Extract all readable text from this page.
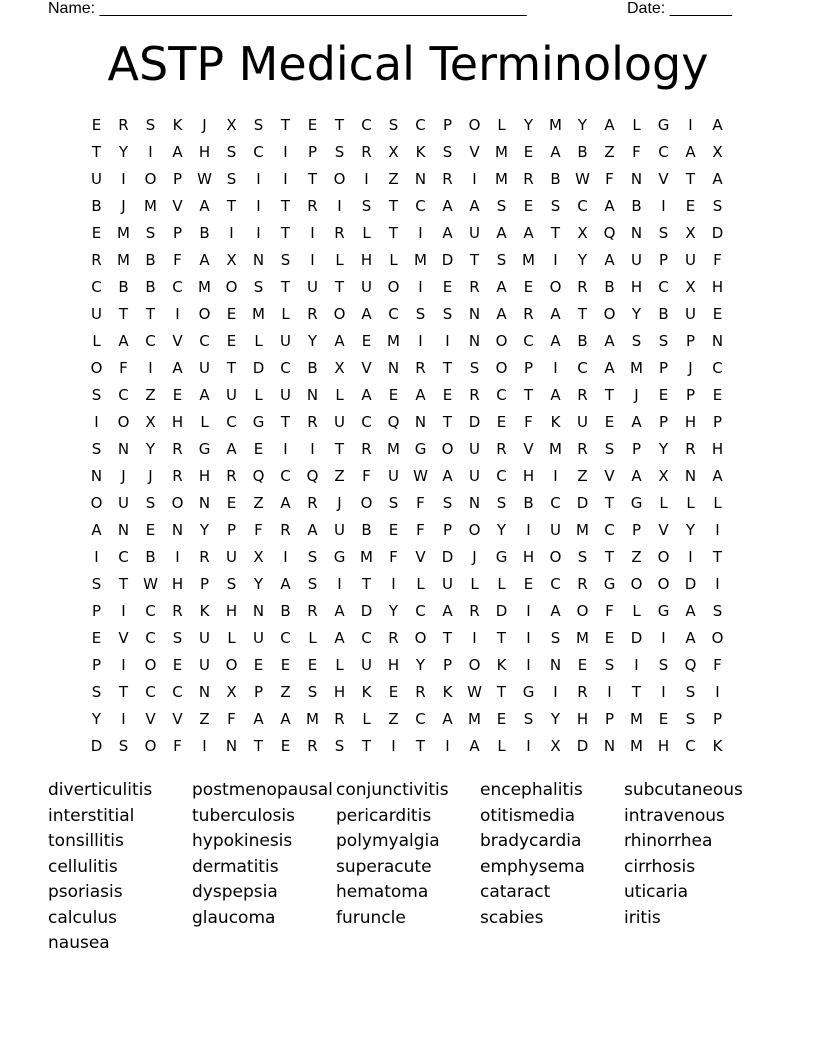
Name: ________________________________________________	Date: _______
ASTP Medical Terminology
E	R	S	K	J	X	S	T	E	T	C	S	C	P	O	L	Y	M	Y	A	L	G	I	A
T	Y	I	A	H	S	C	I	P	S	R	X	K	S	V	M	E	A	B	Z	F	C	A	X
U	I	O	P	W S	I	I	T	O	I	Z	N	R	I	M	R	B W	F	N	V	T	A
B	J	M	V	A	T	I	T	R	I	S	T	C	A	A	S	E	S	C	A	B	I	E	S
E	M	S	P	B	I	I	T	I	R	L	T	I	A	U	A	A	T	X	Q	N	S	X	D
R	M	B	F	A	X	N	S	I	L	H	L	M D	T	S	M	I	Y	A	U	P	U	F
C	B	B	C	M O	S	T	U	T	U	O	I	E	R	A	E	O	R	B	H	C	X	H
U	T	T	I	O	E	M	L	R	O	A	C	S	S	N	A	R	A	T	O	Y	B	U	E
L	A	C	V	C	E	L	U	Y	A	E	M	I	I	N	O	C	A	B	A	S	S	P	N
O	F	I	A	U	T	D	C	B	X	V	N	R	T	S	O	P	I	C	A	M	P	J	C
S	C	Z	E	A	U	L	U	N	L	A	E	A	E	R	C	T	A	R	T	J	E	P	E
I	O	X	H	L	C	G	T	R	U	C	Q	N	T	D	E	F	K	U	E	A	P	H	P
S	N	Y	R	G	A	E	I	I	T	R	M G	O	U	R	V	M	R	S	P	Y	R	H
N	J	J	R	H	R	Q	C	Q	Z	F	U W A	U	C	H	I	Z	V	A	X	N	A
O	U	S	O	N	E	Z	A	R	J	O	S	F	S	N	S	B	C	D	T	G	L	L	L
A	N	E	N	Y	P	F	R	A	U	B	E	F	P	O	Y	I	U	M	C	P	V	Y	I
I	C	B	I	R	U	X	I	S	G M	F	V	D	J	G	H	O	S	T	Z	O	I	T
S	T	W H	P	S	Y	A	S	I	T	I	L	U	L	L	E	C	R	G	O	O	D	I
P	I	C	R	K	H	N	B	R	A	D	Y	C	A	R	D	I	A	O	F	L	G	A	S
E	V	C	S	U	L	U	C	L	A	C	R	O	T	I	T	I	S	M	E	D	I	A	O
P	I	O	E	U	O	E	E	E	L	U	H	Y	P	O	K	I	N	E	S	I	S	Q	F
S	T	C	C	N	X	P	Z	S	H	K	E	R	K W T	G	I	R	I	T	I	S	I
Y	I	V	V	Z	F	A	A	M	R	L	Z	C	A	M	E	S	Y	H	P	M	E	S	P
D	S	O	F	I	N	T	E	R	S	T	I	T	I	A	L	I	X	D	N M H	C	K
diverticulitis
interstitial
tonsillitis
cellulitis
psoriasis
calculus
nausea
postmenopausal
tuberculosis
hypokinesis
dermatitis
dyspepsia
glaucoma
conjunctivitis
pericarditis
polymyalgia
superacute
hematoma
furuncle
encephalitis
otitismedia
bradycardia
emphysema
cataract
scabies
subcutaneous
intravenous
rhinorrhea
cirrhosis
uticaria
iritis
